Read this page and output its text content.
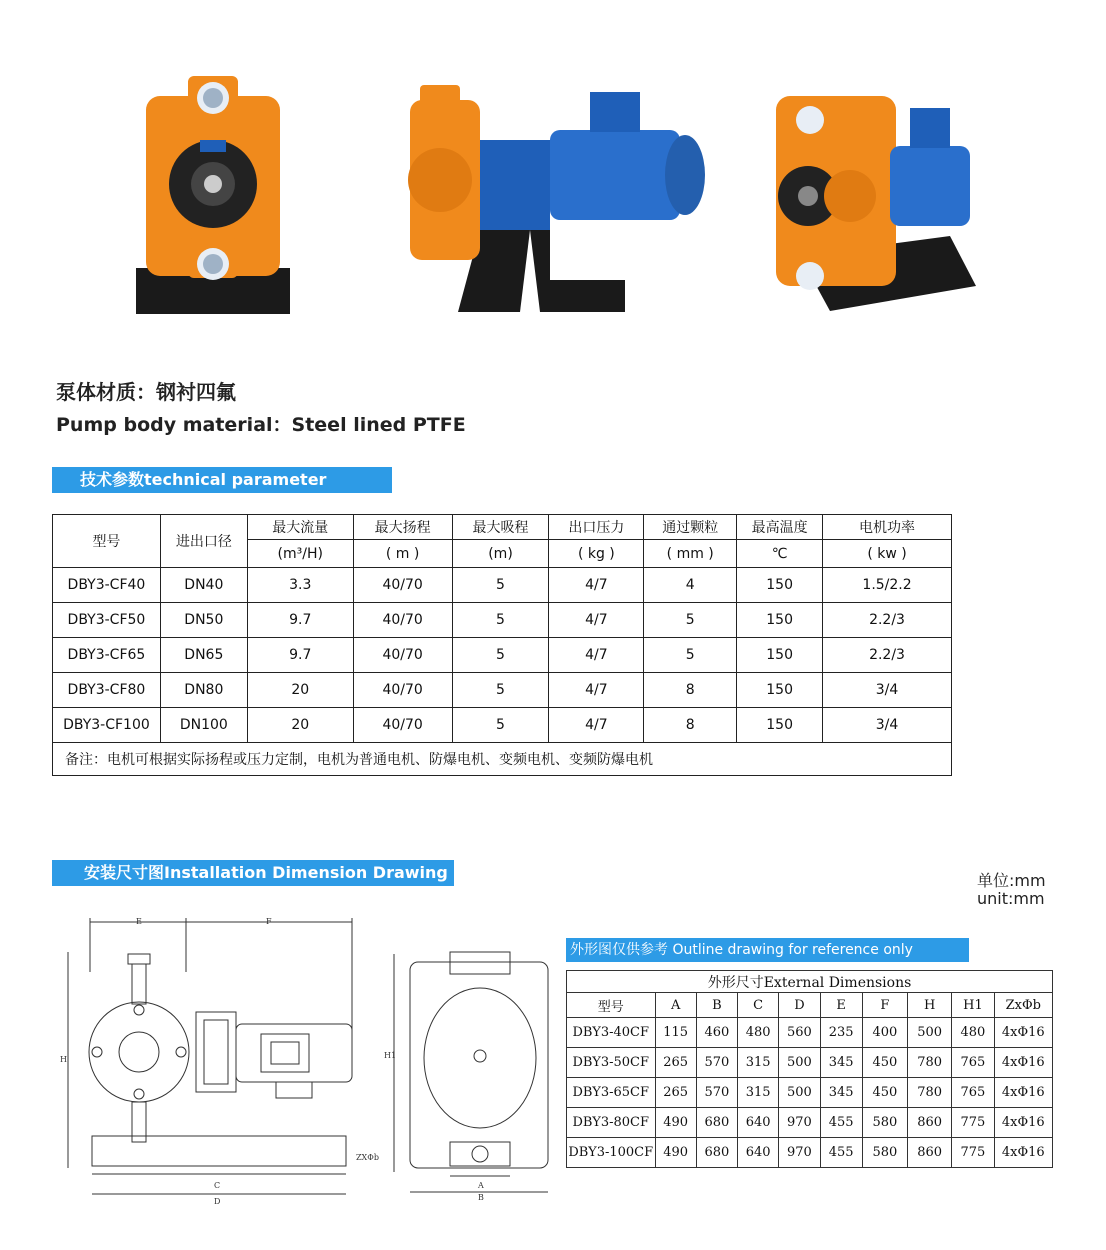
泵体材质：钢衬四氟
Pump body material：Steel lined PTFE
技术参数technical parameter
型号	进出口径	最大流量	最大扬程	最大吸程	出口压力	通过颗粒	最高温度	电机功率
		(m³/H)	( m )	(m)	( kg )	( mm )	℃	( kw )
DBY3-CF40	DN40	3.3	40/70	5	4/7	4	150	1.5/2.2
DBY3-CF50	DN50	9.7	40/70	5	4/7	5	150	2.2/3
DBY3-CF65	DN65	9.7	40/70	5	4/7	5	150	2.2/3
DBY3-CF80	DN80	20	40/70	5	4/7	8	150	3/4
DBY3-CF100	DN100	20	40/70	5	4/7	8	150	3/4
备注：电机可根据实际扬程或压力定制，电机为普通电机、防爆电机、变频电机、变频防爆电机								
安装尺寸图Installation Dimension Drawing	单位:mm
unit:mm
E	F
H
C
D
ZXΦb
H1
A
B
外形图仅供参考 Outline drawing for reference only
外形尺寸External Dimensions									
型号	A	B	C	D	E	F	H	H1	ZxΦb
DBY3-40CF	115	460	480	560	235	400	500	480	4xΦ16
DBY3-50CF	265	570	315	500	345	450	780	765	4xΦ16
DBY3-65CF	265	570	315	500	345	450	780	765	4xΦ16
DBY3-80CF	490	680	640	970	455	580	860	775	4xΦ16
DBY3-100CF	490	680	640	970	455	580	860	775	4xΦ16
